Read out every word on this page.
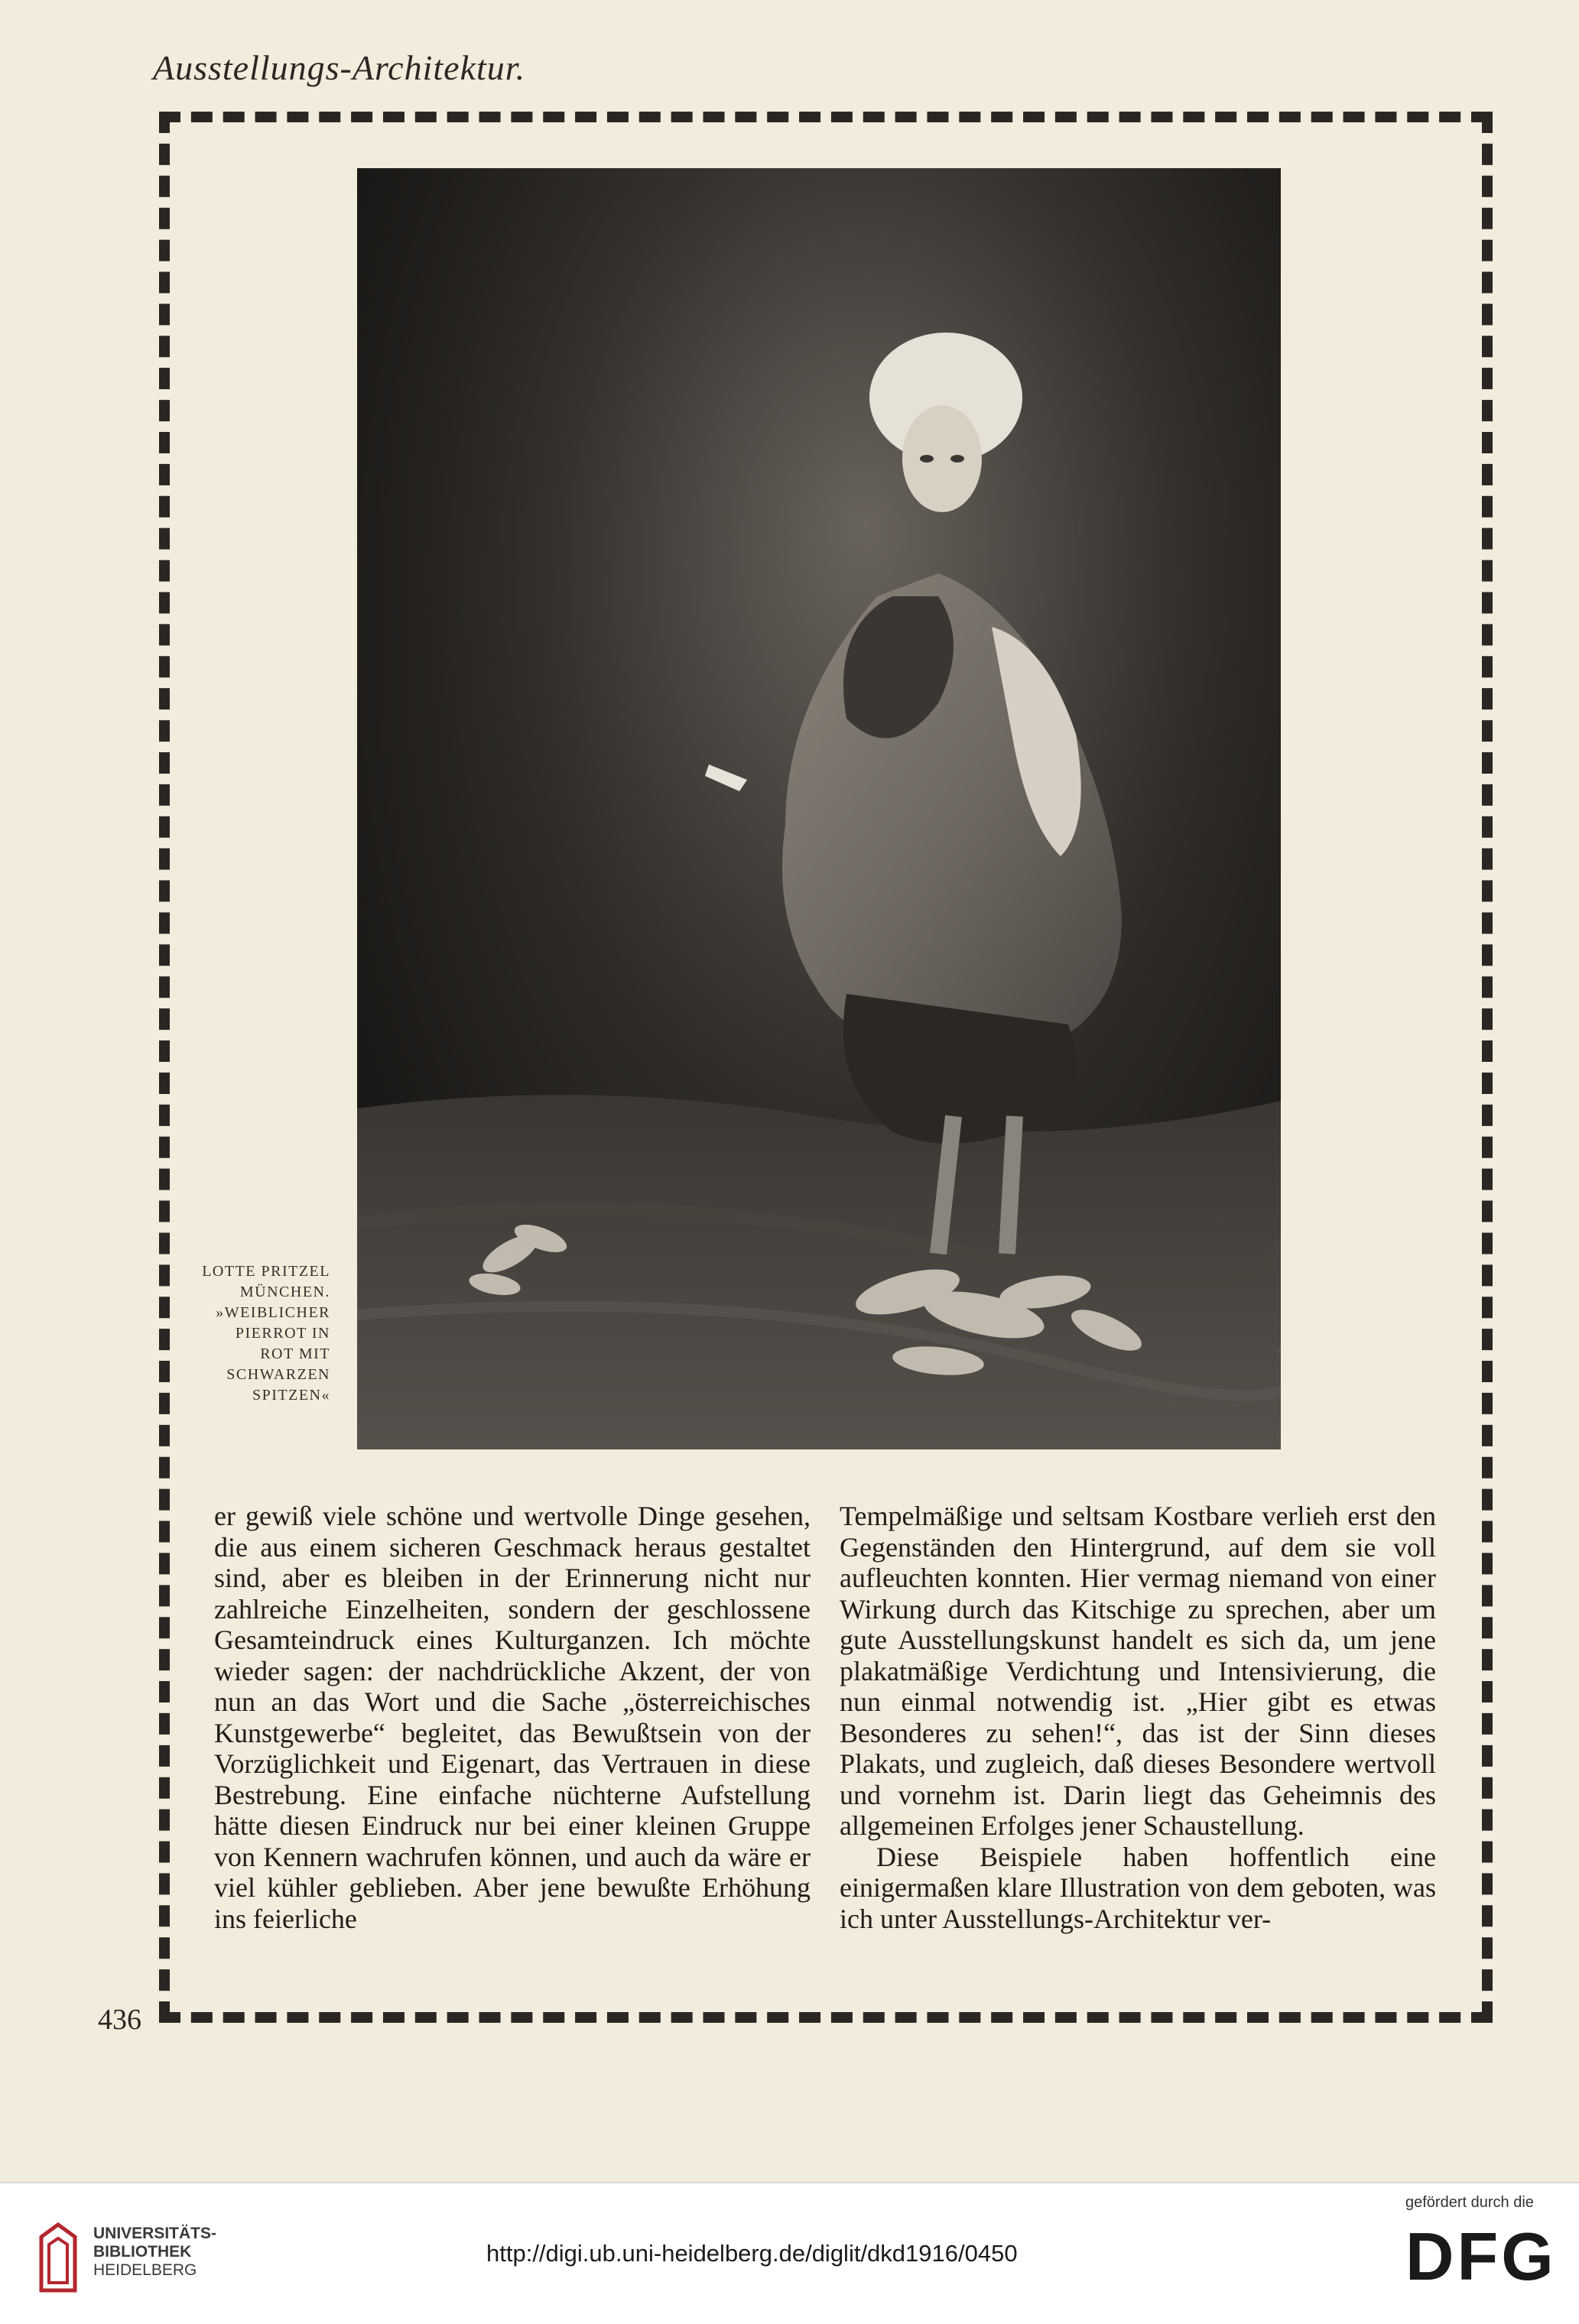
Ausstellungs-Architektur.
LOTTE PRITZEL
MÜNCHEN.
»WEIBLICHER
PIERROT IN
ROT MIT
SCHWARZEN
SPITZEN«

er gewiß viele schöne und wertvolle Dinge gesehen, die aus einem sicheren Geschmack heraus gestaltet sind, aber es bleiben in der Erinnerung nicht nur zahlreiche Einzelheiten, sondern der geschlossene Gesamteindruck eines Kulturganzen. Ich möchte wieder sagen: der nachdrückliche Akzent, der von nun an das Wort und die Sache „österreichisches Kunstgewerbe“ begleitet, das Bewußtsein von der Vorzüglichkeit und Eigenart, das Vertrauen in diese Bestrebung. Eine einfache nüchterne Aufstellung hätte diesen Eindruck nur bei einer kleinen Gruppe von Kennern wachrufen können, und auch da wäre er viel kühler geblieben. Aber jene bewußte Erhöhung ins feierliche

Tempelmäßige und seltsam Kostbare verlieh erst den Gegenständen den Hintergrund, auf dem sie voll aufleuchten konnten. Hier vermag niemand von einer Wirkung durch das Kitschige zu sprechen, aber um gute Ausstellungskunst handelt es sich da, um jene plakatmäßige Verdichtung und Intensivierung, die nun einmal notwendig ist. „Hier gibt es etwas Besonderes zu sehen!“, das ist der Sinn dieses Plakats, und zugleich, daß dieses Besondere wertvoll und vornehm ist. Darin liegt das Geheimnis des allgemeinen Erfolges jener Schaustellung.

Diese Beispiele haben hoffentlich eine einigermaßen klare Illustration von dem geboten, was ich unter Ausstellungs-Architektur ver-

436
UNIVERSITÄTS-
BIBLIOTHEK
HEIDELBERG
http://digi.ub.uni-heidelberg.de/diglit/dkd1916/0450
gefördert durch die
DFG
